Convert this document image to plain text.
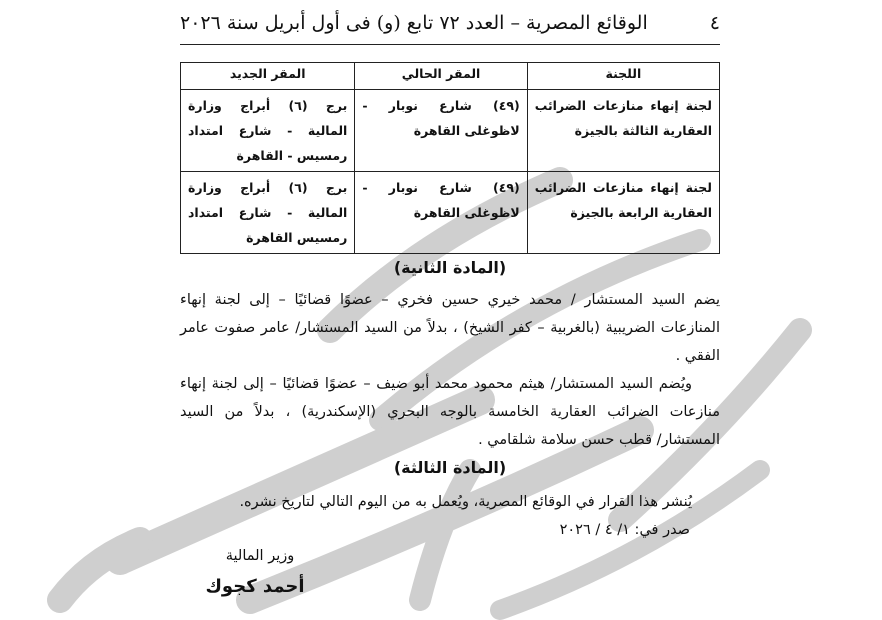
٤
الوقائع المصرية – العدد ٧٢ تابع (و) فى أول أبريل سنة ٢٠٢٦
اللجنة	المقر الحالي	المقر الجديد
لجنة إنهاء منازعات الضرائب العقارية الثالثة بالجيزة	(٤٩) شارع نوبار - لاظوغلى القاهرة	برج (٦) أبراج وزارة المالية - شارع امتداد رمسيس - القاهرة
لجنة إنهاء منازعات الضرائب العقارية الرابعة بالجيزة	(٤٩) شارع نوبار - لاظوغلى القاهرة	برج (٦) أبراج وزارة المالية - شارع امتداد رمسيس القاهرة
(المادة الثانية)
يضم السيد المستشار / محمد خيري حسين فخري – عضوًا قضائيًا – إلى لجنة إنهاء المنازعات الضريبية (بالغربية – كفر الشيخ) ، بدلاً من السيد المستشار/ عامر صفوت عامر الفقي .
ويُضم السيد المستشار/ هيثم محمود محمد أبو ضيف – عضوًا قضائيًا – إلى لجنة إنهاء منازعات الضرائب العقارية الخامسة بالوجه البحري (الإسكندرية) ، بدلاً من السيد المستشار/ قطب حسن سلامة شلقامي .
(المادة الثالثة)
يُنشر هذا القرار في الوقائع المصرية، ويُعمل به من اليوم التالي لتاريخ نشره.
صدر في: ١/ ٤ / ٢٠٢٦
وزير المالية
أحمد كجوك
